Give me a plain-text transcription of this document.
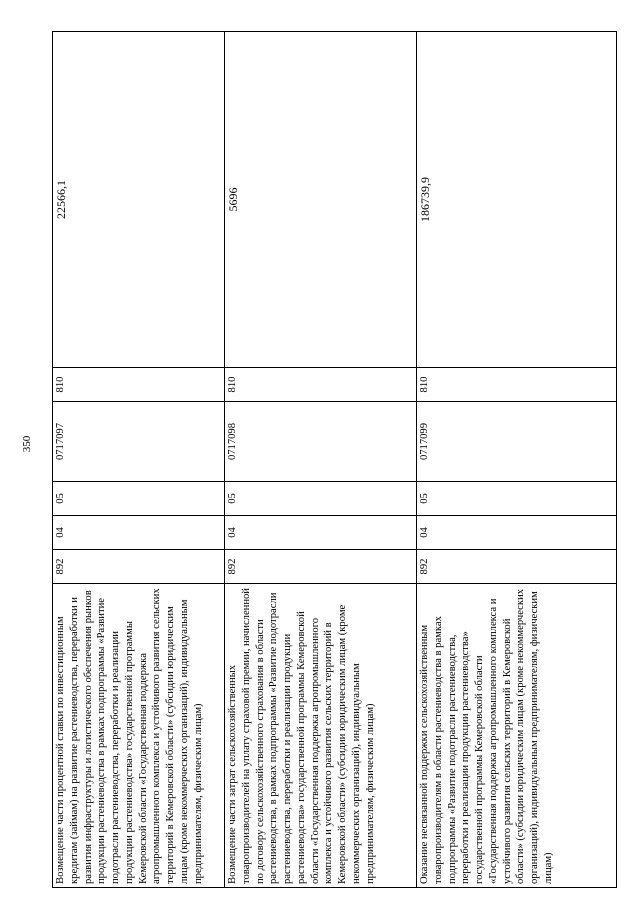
350
Возмещение части процентной ставки по инвестиционным кредитам (займам) на развитие растениеводства, переработки и развития инфраструктуры и логистического обеспечения рынков продукции растениеводства в рамках подпрограммы «Развитие подотрасли растениеводства, переработки и реализации продукции растениеводства» государственной программы Кемеровской области «Государственная поддержка агропромышленного комплекса и устойчивого развития сельских территорий в Кемеровской области» (субсидии юридическим лицам (кроме некоммерческих организаций), индивидуальным предпринимателям, физическим лицам)	892	04	05	0717097	810	22566,1
Возмещение части затрат сельскохозяйственных товаропроизводителей на уплату страховой премии, начисленной по договору сельскохозяйственного страхования в области растениеводства, в рамках подпрограммы «Развитие подотрасли растениеводства, переработки и реализации продукции растениеводства» государственной программы Кемеровской области «Государственная поддержка агропромышленного комплекса и устойчивого развития сельских территорий в Кемеровской области» (субсидии юридическим лицам (кроме некоммерческих организаций), индивидуальным предпринимателям, физическим лицам)	892	04	05	0717098	810	5696
Оказание несвязанной поддержки сельскохозяйственным товаропроизводителям в области растениеводства в рамках подпрограммы «Развитие подотрасли растениеводства, переработки и реализации продукции растениеводства» государственной программы Кемеровской области «Государственная поддержка агропромышленного комплекса и устойчивого развития сельских территорий в Кемеровской области» (субсидии юридическим лицам (кроме некоммерческих организаций), индивидуальным предпринимателям, физическим лицам)	892	04	05	0717099	810	186739,9
